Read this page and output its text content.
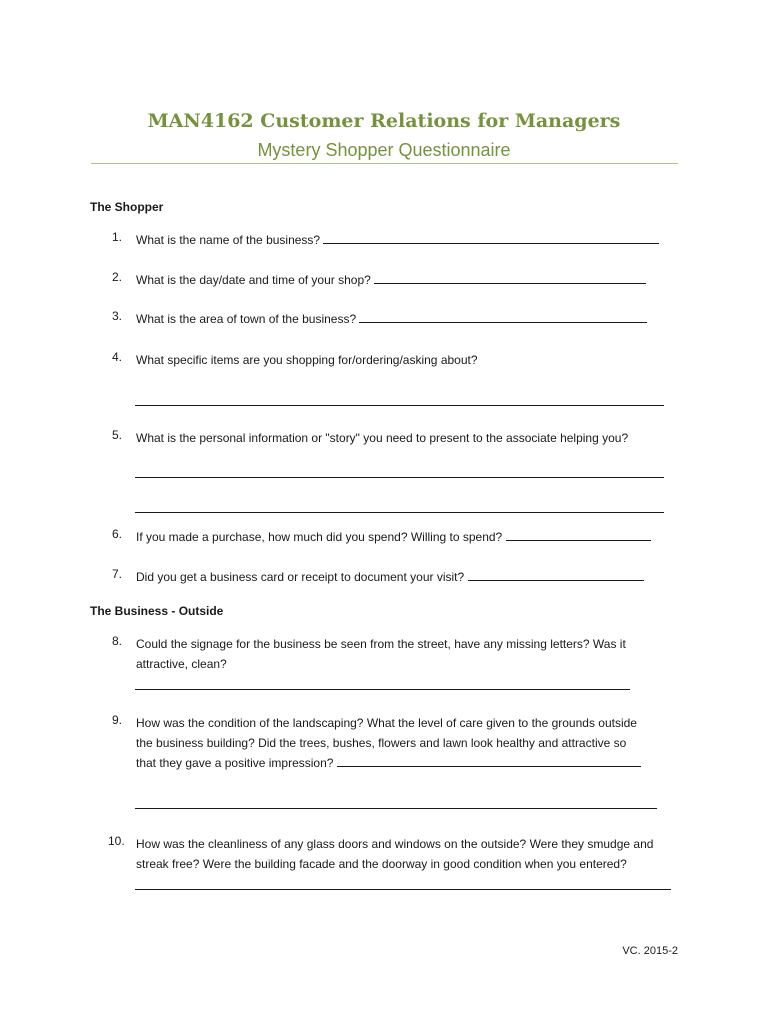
MAN4162 Customer Relations for Managers
Mystery Shopper Questionnaire
The Shopper
1. What is the name of the business?
2. What is the day/date and time of your shop?
3. What is the area of town of the business?
4. What specific items are you shopping for/ordering/asking about?
5. What is the personal information or "story" you need to present to the associate helping you?
6. If you made a purchase, how much did you spend? Willing to spend?
7. Did you get a business card or receipt to document your visit?
The Business - Outside
8. Could the signage for the business be seen from the street, have any missing letters? Was it
attractive, clean?
9. How was the condition of the landscaping? What the level of care given to the grounds outside
the business building? Did the trees, bushes, flowers and lawn look healthy and attractive so
that they gave a positive impression?
10. How was the cleanliness of any glass doors and windows on the outside? Were they smudge and
streak free? Were the building facade and the doorway in good condition when you entered?
VC. 2015-2
